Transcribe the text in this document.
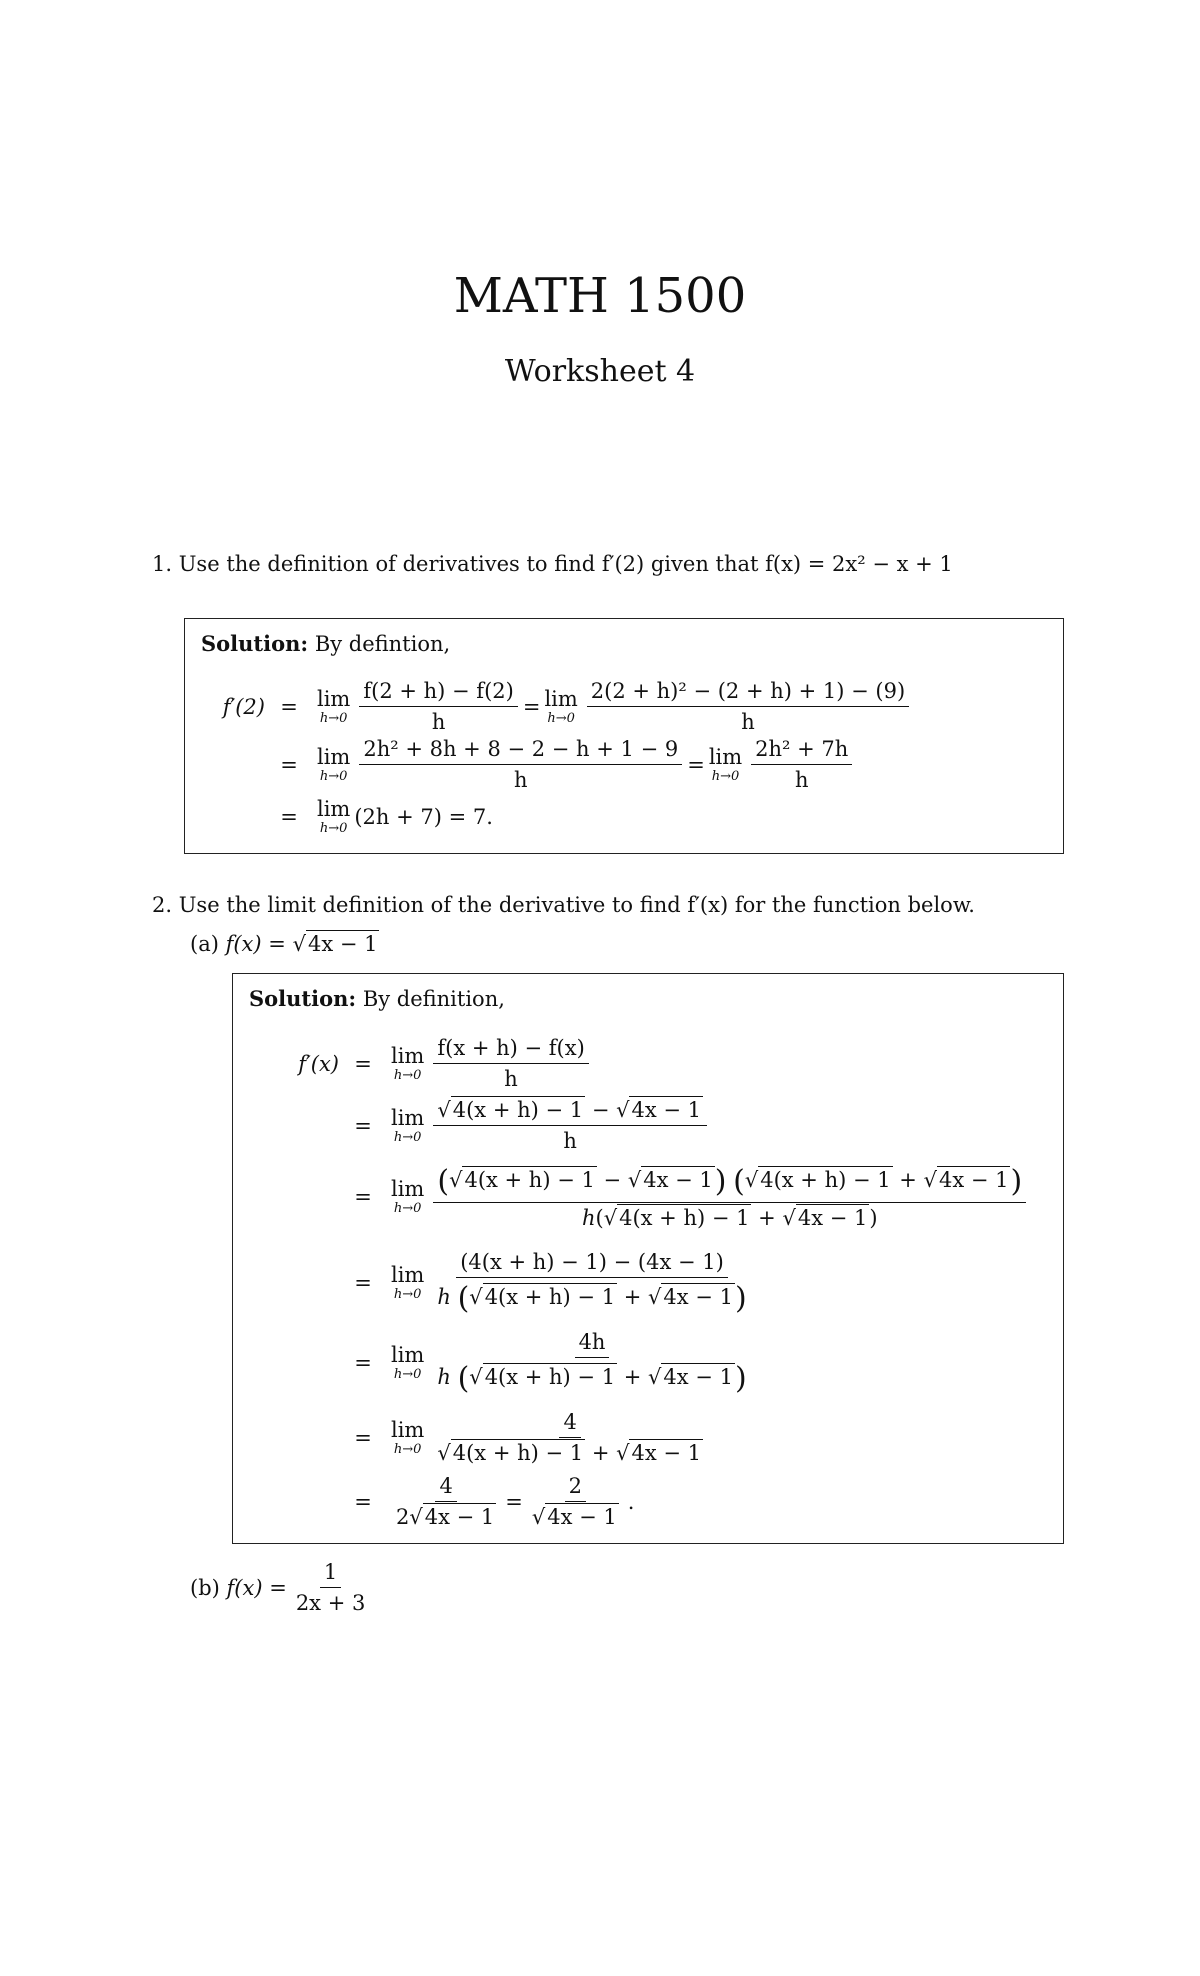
MATH 1500
Worksheet 4
1. Use the definition of derivatives to find f′(2) given that f(x) = 2x² − x + 1
Solution: By defintion,
f′(2) = lim
$h\to 0 \frac{f(2 + h) - f(2)}{h} = \lim$
$h\to 0 \frac{\text{2(2 + h)² − (2 + h) + 1) − (9)}}{h}$
= lim
$h\to 0 \frac{\text{2h² + 8h + 8 − 2 − h + 1 − 9}}{h} = \lim$
$h\to 0 \frac{\text{2h² + 7h}}{h}$
= lim
h→0 (2h + 7) = 7.
2. Use the limit definition of the derivative to find f′(x) for the function below.
(a) f(x) = √4x − 1
Solution: By definition,
f′(x) = lim
$h\to 0 \frac{f(x + h) - f(x)}{h}$
= lim
$h\to 0 \frac{√4(x + h) - 1 - √4x - 1}{h}$
= lim
$h\to 0 \frac{(√4(x + h) - 1 - √4x - 1) (√4(x + h) - 1 + √4x - 1)}{h(√4(x + h) - 1 + √4x - 1)}$
= lim
$h\to 0 \frac{(4(x + h) - 1) - (4x - 1)}{h (√4(x + h) - 1 + √4x - 1)}$
= lim
$h\to 0 \frac{4h}{h (√4(x + h) - 1 + √4x - 1)}$
= lim
$h\to 0 \frac{4}{√4(x + h) - 1 + √4x - 1}$
= $\frac{4}{2√4x - 1} = \frac{2}{√4x - 1}$ .
(b)
$f(x) = \frac{1}{2x + 3}$
